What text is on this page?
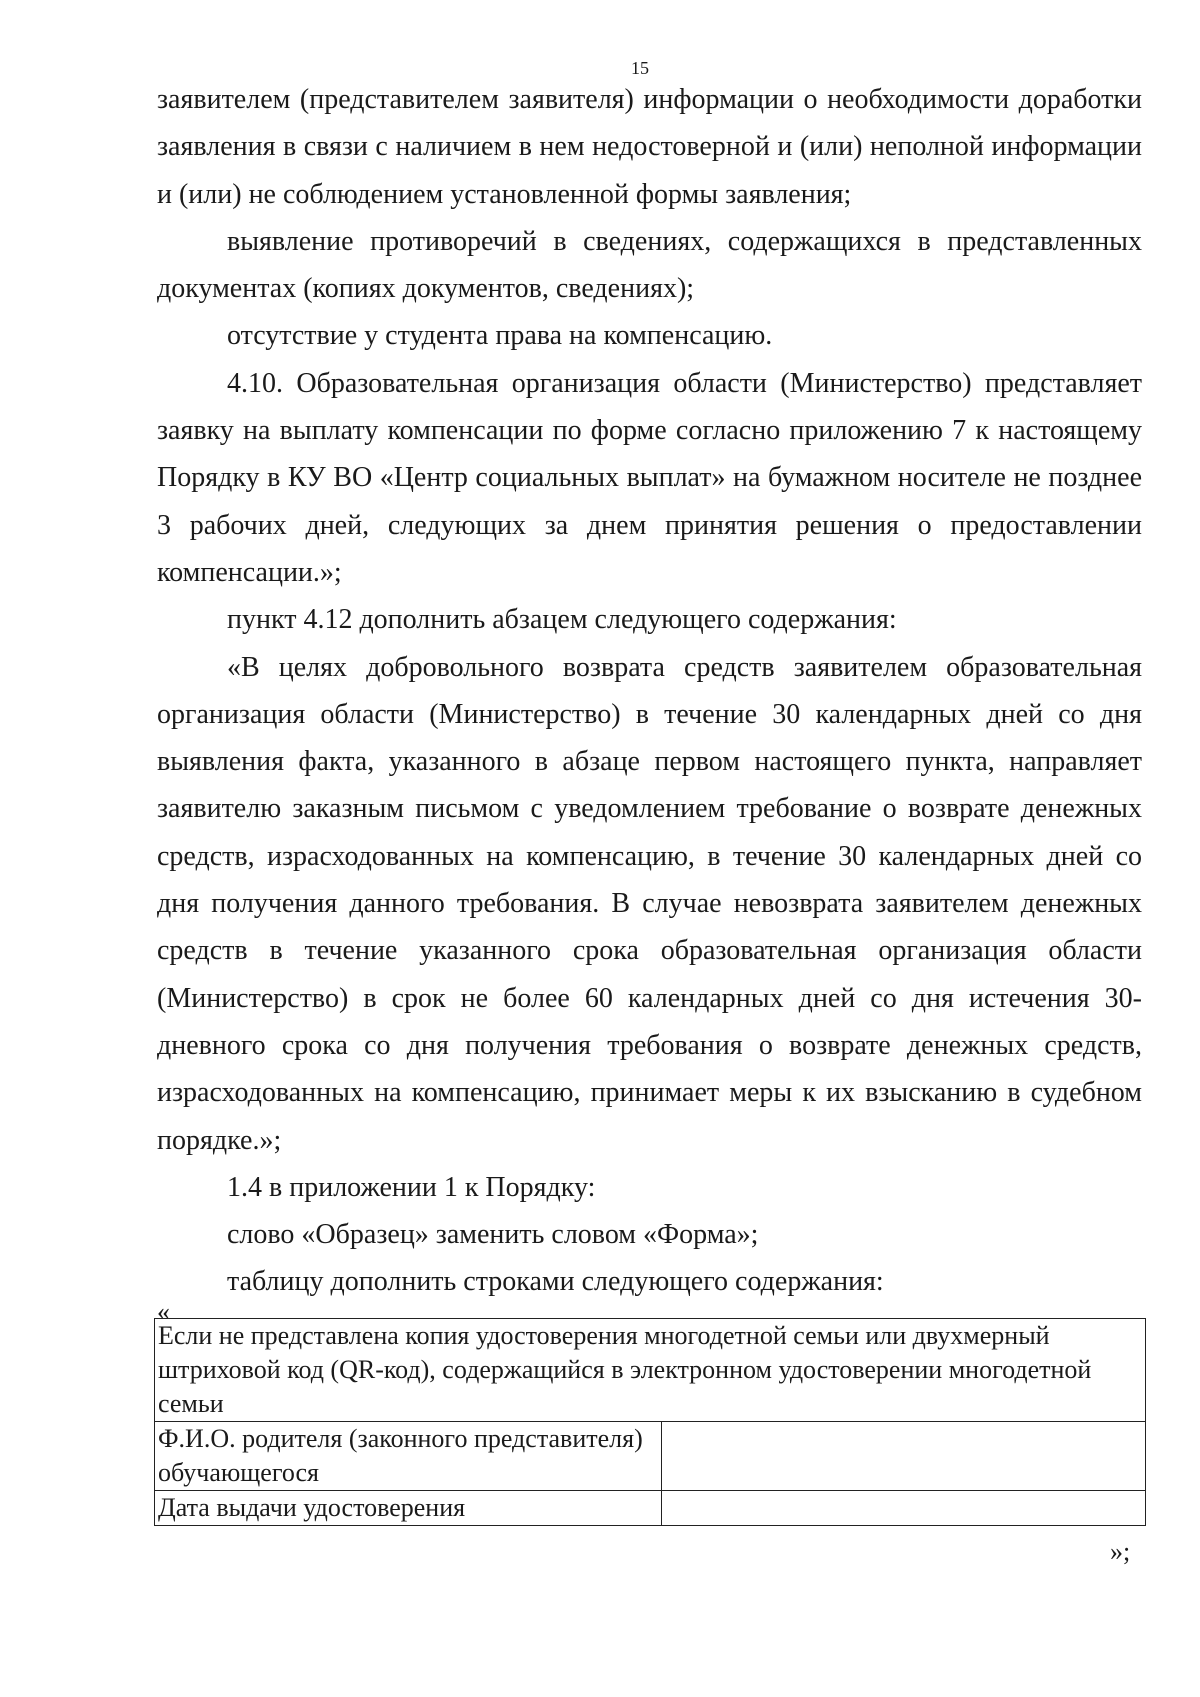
15

заявителем (представителем заявителя) информации о необходимости доработки заявления в связи с наличием в нем недостоверной и (или) неполной информации и (или) не соблюдением установленной формы заявления;

выявление противоречий в сведениях, содержащихся в представленных документах (копиях документов, сведениях);

отсутствие у студента права на компенсацию.

4.10. Образовательная организация области (Министерство) представляет заявку на выплату компенсации по форме согласно приложению 7 к настоящему Порядку в КУ ВО «Центр социальных выплат» на бумажном носителе не позднее 3 рабочих дней, следующих за днем принятия решения о предоставлении компенсации.»;

пункт 4.12 дополнить абзацем следующего содержания:

«В целях добровольного возврата средств заявителем образовательная организация области (Министерство) в течение 30 календарных дней со дня выявления факта, указанного в абзаце первом настоящего пункта, направляет заявителю заказным письмом с уведомлением требование о возврате денежных средств, израсходованных на компенсацию, в течение 30 календарных дней со дня получения данного требования. В случае невозврата заявителем денежных средств в течение указанного срока образовательная организация области (Министерство) в срок не более 60 календарных дней со дня истечения 30-дневного срока со дня получения требования о возврате денежных средств, израсходованных на компенсацию, принимает меры к их взысканию в судебном порядке.»;

1.4 в приложении 1 к Порядку:

слово «Образец» заменить словом «Форма»;

таблицу дополнить строками следующего содержания:

«
Если не представлена копия удостоверения многодетной семьи или двухмерный штриховой код (QR-код), содержащийся в электронном удостоверении многодетной семьи	
Ф.И.О. родителя (законного представителя) обучающегося	
Дата выдачи удостоверения	
»;
